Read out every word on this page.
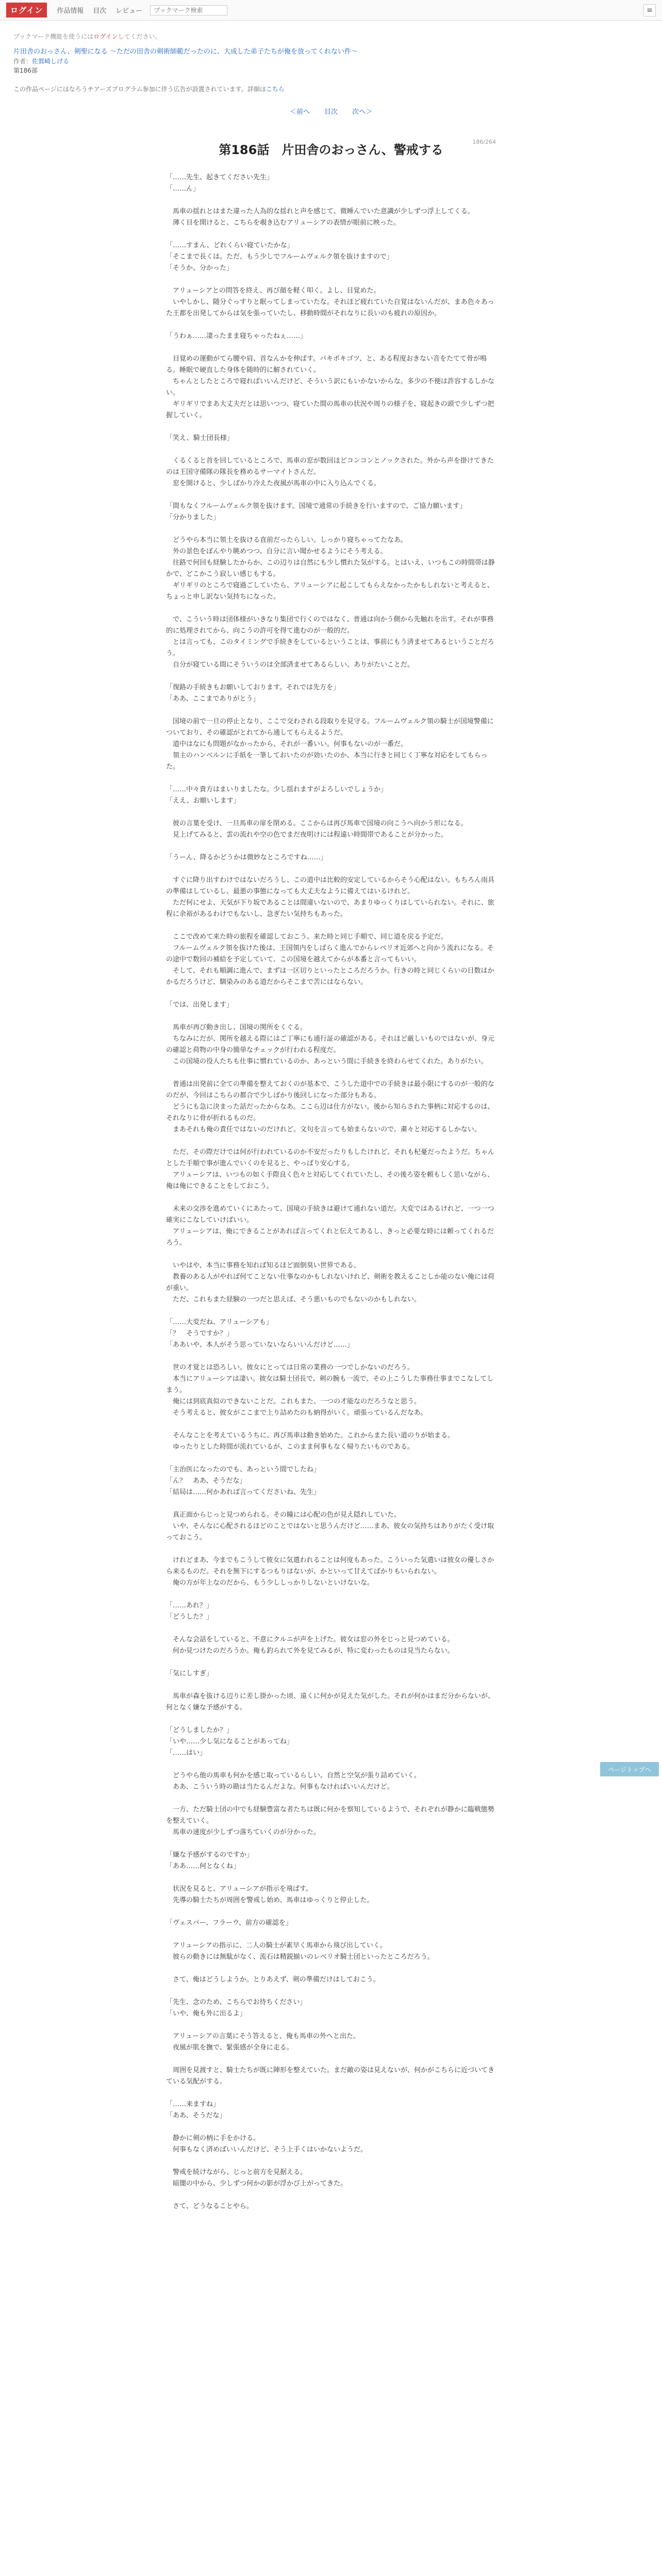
ログイン	作品情報 目次 レビュー
ブックマーク検索	≡
ブックマーク機能を使うにはログインしてください。
片田舎のおっさん、剣聖になる ～ただの田舎の剣術師範だったのに、大成した弟子たちが俺を放ってくれない件～
作者：佐賀崎しげる
第186部
この作品ページにはなろうチアーズプログラム参加に伴う広告が設置されています。詳細はこちら
＜前へ 目次 次へ＞
186/264
第186話　片田舎のおっさん、警戒する

「……先生、起きてください先生」

「……ん」

　馬車の揺れとはまた違った人為的な揺れと声を感じて、微睡んでいた意識が少しずつ浮上してくる。

　薄く目を開けると、こちらを覗き込むアリューシアの表情が眼前に映った。

「……すまん、どれくらい寝ていたかな」

「そこまで長くは。ただ、もう少しでフルームヴェルク領を抜けますので」

「そうか、分かった」

　アリューシアとの問答を終え、再び顔を軽く叩く。よし、目覚めた。

　いやしかし、随分ぐっすりと眠ってしまっていたな。それほど疲れていた自覚はないんだが、まあ色々あった王都を出発してからは気を張っていたし、移動時間がそれなりに長いのも疲れの原因か。

「うわぁ……凄ったまま寝ちゃったねぇ……」

　目覚めの運動がてら腰や肩、首なんかを伸ばす。パキポキゴツ、と、ある程度おきない音をたてて骨が鳴る。睡眠で硬直した身体を随時的に解されていく。

　ちゃんとしたところで寝ればいいんだけど、そういう訳にもいかないからな。多少の不便は許容するしかない。

　ギリギリでまあ大丈夫だとは思いつつ、寝ていた間の馬車の状況や周りの様子を、寝起きの頭で少しずつ把握していく。

「笑え、騎士団長様」

　くるくると首を回しているところで、馬車の窓が数回ほどコンコンとノックされた。外から声を掛けてきたのは王国守備隊の隊長を務めるサーマイトさんだ。

　窓を開けると、少しばかり冷えた夜風が馬車の中に入り込んでくる。

「間もなくフルームヴェルク領を抜けます。国境で通常の手続きを行いますので、ご協力願います」

「分かりました」

　どうやら本当に領土を抜ける直前だったらしい。しっかり寝ちゃってたなあ。

　外の景色をぼんやり眺めつつ、自分に言い聞かせるようにそう考える。

　往路で何回も経験したからか、この辺りは自然にも少し慣れた気がする。とはいえ、いつもこの時間帯は静かで、どこかこう寂しい感じもする。

　ギリギリのところで寝過ごしていたら、アリューシアに起こしてもらえなかったかもしれないと考えると、ちょっと申し訳ない気持ちになった。

　で、こういう時は団体様がいきなり集団で行くのではなく、普通は向かう側から先触れを出す。それが事務的に処理されてから、向こうの許可を得て進むのが一般的だ。

　とは言っても、このタイミングで手続きをしているということは、事前にもう済ませてあるということだろう。

　自分が寝ている間にそういうのは全部済ませてあるらしい。ありがたいことだ。

「復路の手続きもお願いしております。それでは先方を」

「ああ、ここまでありがとう」

　国境の前で一旦の停止となり、ここで交わされる段取りを見守る。フルームヴェルク領の騎士が国境警備についており、その確認がとれてから通してもらえるようだ。

　道中はなにも問題がなかったから、それが一番いい。何事もないのが一番だ。

　領主のハンベルンに手紙を一筆しておいたのが効いたのか、本当に行きと同じく丁寧な対応をしてもらった。

「……中々貴方はまいりましたな。少し揺れますがよろしいでしょうか」

「ええ、お願いします」

　彼の言葉を受け、一旦馬車の扉を閉める。ここからは再び馬車で国境の向こうへ向かう形になる。

　見上げてみると、雲の流れや空の色でまだ夜明けには程遠い時間帯であることが分かった。

「うーん、降るかどうかは微妙なところですね……」

　すぐに降り出すわけではないだろうし、この道中は比較的安定しているからそう心配はない。もちろん雨具の準備はしているし、最悪の事態になっても大丈夫なように備えてはいるけれど。

　ただ何にせよ、天気が下り坂であることは間違いないので、あまりゆっくりはしていられない。それに、旅程に余裕があるわけでもないし、急ぎたい気持ちもあった。

　ここで改めて来た時の旅程を確認しておこう。来た時と同じ手順で、同じ道を戻る予定だ。

　フルームヴェルク領を抜けた後は、王国領内をしばらく進んでからレベリオ近郊へと向かう流れになる。その途中で数回の補給を予定していて、この国境を越えてからが本番と言ってもいい。

　そして、それも順調に進んで、まずは一区切りといったところだろうか。行きの時と同じくらいの日数はかかるだろうけど、馴染みのある道だからそこまで苦にはならない。

「では、出発します」

　馬車が再び動き出し、国境の関所をくぐる。

　ちなみにだが、関所を越える際にはご丁寧にも通行証の確認がある。それほど厳しいものではないが、身元の確認と荷物の中身の簡単なチェックが行われる程度だ。

　この国境の役人たちも仕事に慣れているのか、あっという間に手続きを終わらせてくれた。ありがたい。

　普通は出発前に全ての準備を整えておくのが基本で、こうした道中での手続きは最小限にするのが一般的なのだが、今回はこちらの都合で少しばかり後回しになった部分もある。

　どうにも急に決まった話だったからなあ。ここら辺は仕方がない。後から知らされた事柄に対応するのは、それなりに骨が折れるものだ。

　まあそれも俺の責任ではないのだけれど。文句を言っても始まらないので、粛々と対応するしかない。

　ただ、その際だけでは何が行われているのか不安だったりもしたけれど、それも杞憂だったようだ。ちゃんとした手順で事が進んでいくのを見ると、やっぱり安心する。

　アリューシアは、いつもの如く手際良く色々と対応してくれていたし、その後ろ姿を頼もしく思いながら、俺は俺にできることをしておこう。

　未来の交渉を進めていくにあたって、国境の手続きは避けて通れない道だ。大変ではあるけれど、一つ一つ確実にこなしていけばいい。

　アリューシアは、俺にできることがあれば言ってくれと伝えてあるし、きっと必要な時には頼ってくれるだろう。

　いやはや、本当に事務を知れば知るほど面倒臭い世界である。

　教養のある人がやれば何てことない仕事なのかもしれないけれど、剣術を教えることしか能のない俺には荷が重い。

　ただ、これもまた経験の一つだと思えば、そう悪いものでもないのかもしれない。

「……大変だね、アリューシアも」

「？　そうですか？」

「ああいや、本人がそう思っていないならいいんだけど……」

　世の才覚とは恐ろしい。彼女にとっては日常の業務の一つでしかないのだろう。

　本当にアリューシアは凄い。彼女は騎士団長で、剣の腕も一流で、その上こうした事務仕事までこなしてしまう。

　俺には到底真似のできないことだ。これもまた、一つの才能なのだろうなと思う。

　そう考えると、彼女がここまで上り詰めたのも納得がいく。頑張っているんだなあ。

　そんなことを考えているうちに、再び馬車は動き始めた。これからまた長い道のりが始まる。

　ゆったりとした時間が流れているが、このまま何事もなく帰りたいものである。

「主治医になったのでも、あっという間でしたね」

「ん？　ああ、そうだな」

「結局は……何かあれば言ってくださいね、先生」

　真正面からじっと見つめられる。その瞳には心配の色が見え隠れしていた。

　いや、そんなに心配されるほどのことではないと思うんだけど……まあ、彼女の気持ちはありがたく受け取っておこう。

　けれどまあ、今までもこうして彼女に気遣われることは何度もあった。こういった気遣いは彼女の優しさから来るものだ。それを無下にするつもりはないが、かといって甘えてばかりもいられない。

　俺の方が年上なのだから、もう少ししっかりしないといけないな。

「……あれ？」

「どうした？」

　そんな会話をしていると、不意にクルニが声を上げた。彼女は窓の外をじっと見つめている。

　何か見つけたのだろうか。俺も釣られて外を見てみるが、特に変わったものは見当たらない。

「気にしすぎ」

　馬車が森を抜ける辺りに差し掛かった頃、遠くに何かが見えた気がした。それが何かはまだ分からないが、何となく嫌な予感がする。

「どうしましたか？」

「いや……少し気になることがあってね」

「……はい」

　どうやら他の馬車も何かを感じ取っているらしい。自然と空気が張り詰めていく。

　ああ、こういう時の勘は当たるんだよな。何事もなければいいんだけど。

　一方、ただ騎士団の中でも経験豊富な者たちは既に何かを察知しているようで、それぞれが静かに臨戦態勢を整えていく。

　馬車の速度が少しずつ落ちていくのが分かった。

「嫌な予感がするのですか」

「ああ……何となくね」

　状況を見ると、アリューシアが指示を飛ばす。

　先導の騎士たちが周囲を警戒し始め、馬車はゆっくりと停止した。

「ヴェスパー、フラーウ、前方の確認を」

　アリューシアの指示に、二人の騎士が素早く馬車から飛び出していく。

　彼らの動きには無駄がなく、流石は精鋭揃いのレベリオ騎士団といったところだろう。

　さて、俺はどうしようか。とりあえず、剣の準備だけはしておこう。

「先生、念のため、こちらでお待ちください」

「いや、俺も外に出るよ」

　アリューシアの言葉にそう答えると、俺も馬車の外へと出た。

　夜風が肌を撫で、緊張感が全身に走る。

　周囲を見渡すと、騎士たちが既に陣形を整えていた。まだ敵の姿は見えないが、何かがこちらに近づいてきている気配がする。

「……来ますね」

「ああ、そうだな」

　静かに剣の柄に手をかける。

　何事もなく済めばいいんだけど、そう上手くはいかないようだ。

　警戒を続けながら、じっと前方を見据える。

　暗闇の中から、少しずつ何かの影が浮かび上がってきた。

　さて、どうなることやら。

ページトップへ
